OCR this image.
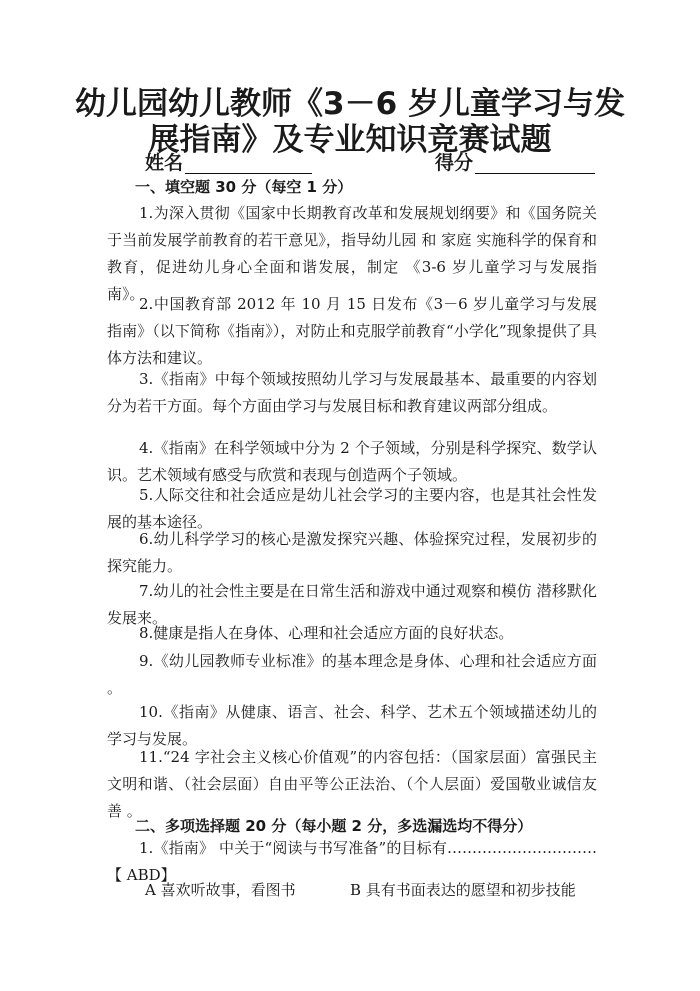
幼儿园幼儿教师《3－6 岁儿童学习与发
展指南》及专业知识竞赛试题
姓名	得分
一、填空题 30 分（每空 1 分）
1.为深入贯彻《国家中长期教育改革和发展规划纲要》和《国务院关于当前发展学前教育的若干意见》，指导幼儿园 和 家庭 实施科学的保育和教育，促进幼儿身心全面和谐发展，制定 《3-6 岁儿童学习与发展指南》。
2.中国教育部 2012 年 10 月 15 日发布《3－6 岁儿童学习与发展指南》（以下简称《指南》），对防止和克服学前教育“小学化”现象提供了具体方法和建议。
3.《指南》中每个领域按照幼儿学习与发展最基本、最重要的内容划分为若干方面。每个方面由学习与发展目标和教育建议两部分组成。
4.《指南》在科学领域中分为 2 个子领域，分别是科学探究、数学认识。艺术领域有感受与欣赏和表现与创造两个子领域。
5.人际交往和社会适应是幼儿社会学习的主要内容，也是其社会性发展的基本途径。
6.幼儿科学学习的核心是激发探究兴趣、体验探究过程，发展初步的探究能力。
7.幼儿的社会性主要是在日常生活和游戏中通过观察和模仿 潜移默化发展来。
8.健康是指人在身体、心理和社会适应方面的良好状态。
9.《幼儿园教师专业标准》的基本理念是身体、心理和社会适应方面 。
10.《指南》从健康、语言、社会、科学、艺术五个领域描述幼儿的学习与发展。
11.“24 字社会主义核心价值观”的内容包括：（国家层面）富强民主文明和谐、（社会层面）自由平等公正法治、（个人层面）爱国敬业诚信友善 。
二、多项选择题 20 分（每小题 2 分，多选漏选均不得分）
1.《指南》 中关于“阅读与书写准备”的目标有…………………………【 ABD】
A 喜欢听故事，看图书	B 具有书面表达的愿望和初步技能
